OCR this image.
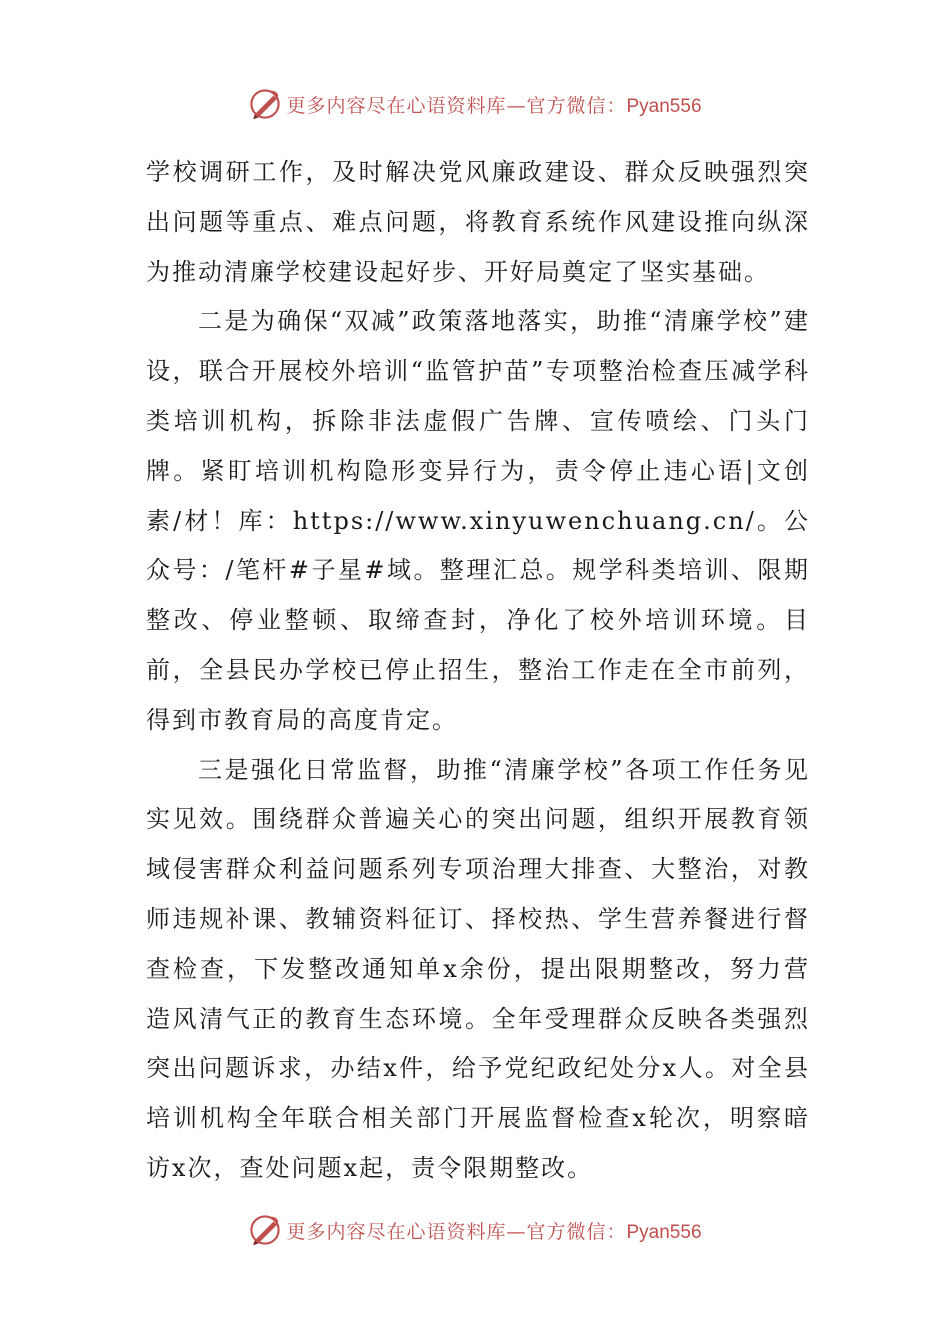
更多内容尽在心语资料库—官方微信：Pyan556

学校调研工作，及时解决党风廉政建设、群众反映强烈突出问题等重点、难点问题，将教育系统作风建设推向纵深为推动清廉学校建设起好步、开好局奠定了坚实基础。

二是为确保“双减”政策落地落实，助推“清廉学校”建设，联合开展校外培训“监管护苗”专项整治检查压减学科类培训机构，拆除非法虚假广告牌、宣传喷绘、门头门牌。紧盯培训机构隐形变异行为，责令停止违心语|文创素/材！库：https://www.xinyuwenchuang.cn/。公众号：/笔杆#子星#域。整理汇总。规学科类培训、限期整改、停业整顿、取缔查封，净化了校外培训环境。目前，全县民办学校已停止招生，整治工作走在全市前列，得到市教育局的高度肯定。

三是强化日常监督，助推“清廉学校”各项工作任务见实见效。围绕群众普遍关心的突出问题，组织开展教育领域侵害群众利益问题系列专项治理大排查、大整治，对教师违规补课、教辅资料征订、择校热、学生营养餐进行督查检查，下发整改通知单x余份，提出限期整改，努力营造风清气正的教育生态环境。全年受理群众反映各类强烈突出问题诉求，办结x件，给予党纪政纪处分x人。对全县培训机构全年联合相关部门开展监督检查x轮次，明察暗访x次，查处问题x起，责令限期整改。

更多内容尽在心语资料库—官方微信：Pyan556
